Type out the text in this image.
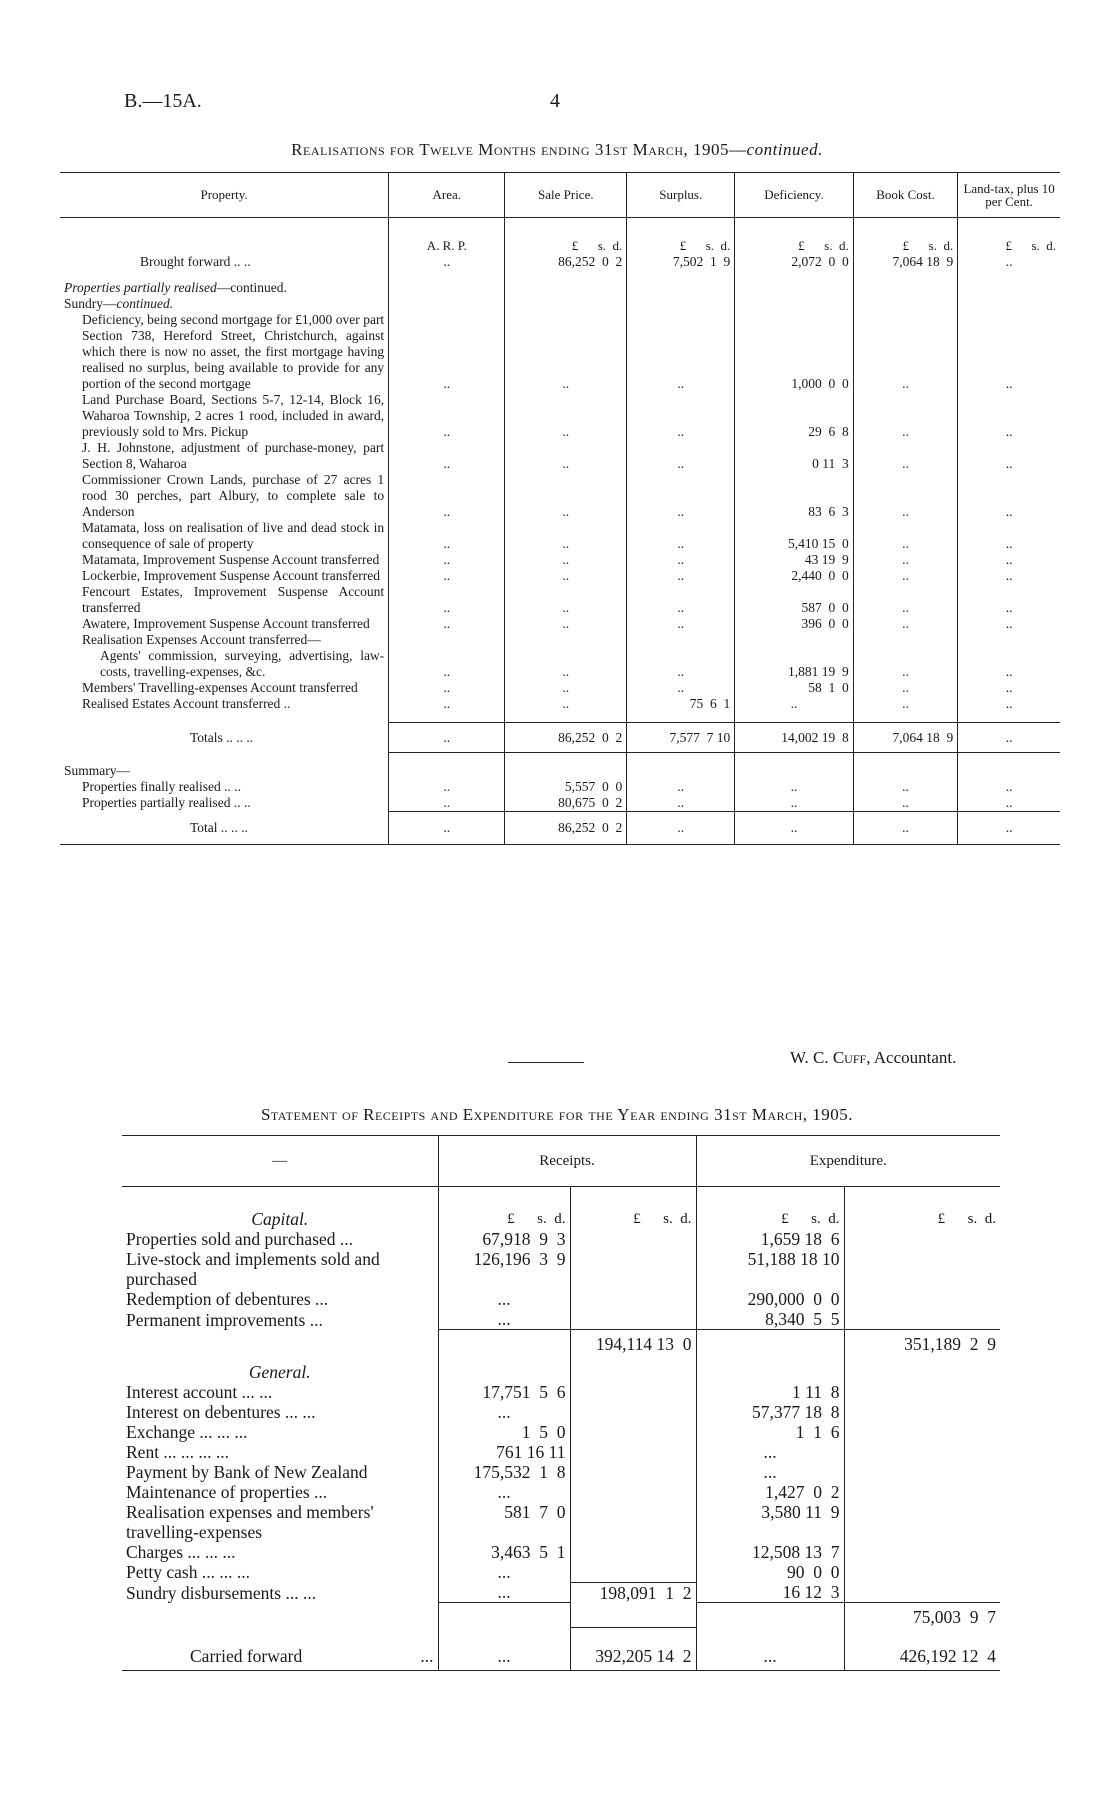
B.—15A.	4
Realisations for Twelve Months ending 31st March, 1905—continued.
Property.	Area.	Sale Price.	Surplus.	Deficiency.	Book Cost.	Land-tax, plus 10 per Cent.
	A. R. P.	£      s.  d.	£      s.  d.	£      s.  d.	£      s.  d.	£      s.  d.
Brought forward .. ..	..	86,252  0  2	7,502  1  9	2,072  0  0	7,064 18  9	..

Properties partially realised—continued.						
Sundry—continued.						
Deficiency, being second mortgage for £1,000 over part Section 738, Hereford Street, Christchurch, against which there is now no asset, the first mortgage having realised no surplus, being available to provide for any portion of the second mortgage	..	..	..	1,000  0  0	..	..
Land Purchase Board, Sections 5-7, 12-14, Block 16, Waharoa Township, 2 acres 1 rood, included in award, previously sold to Mrs. Pickup	..	..	..	29  6  8	..	..
J. H. Johnstone, adjustment of purchase-money, part Section 8, Waharoa	..	..	..	0 11  3	..	..
Commissioner Crown Lands, purchase of 27 acres 1 rood 30 perches, part Albury, to complete sale to Anderson	..	..	..	83  6  3	..	..
Matamata, loss on realisation of live and dead stock in consequence of sale of property	..	..	..	5,410 15  0	..	..
Matamata, Improvement Suspense Account transferred	..	..	..	43 19  9	..	..
Lockerbie, Improvement Suspense Account transferred	..	..	..	2,440  0  0	..	..
Fencourt Estates, Improvement Suspense Account transferred	..	..	..	587  0  0	..	..
Awatere, Improvement Suspense Account transferred	..	..	..	396  0  0	..	..
Realisation Expenses Account transferred—						
Agents' commission, surveying, advertising, law-costs, travelling-expenses, &c.	..	..	..	1,881 19  9	..	..
Members' Travelling-expenses Account transferred	..	..	..	58  1  0	..	..
Realised Estates Account transferred ..	..	..	75  6  1	..	..	..

Totals .. .. ..	..	86,252  0  2	7,577  7 10	14,002 19  8	7,064 18  9	..

Summary—						
Properties finally realised .. ..	..	5,557  0  0	..	..	..	..
Properties partially realised .. ..	..	80,675  0  2	..	..	..	..
Total .. .. ..	..	86,252  0  2	..	..	..	..
W. C. Cuff, Accountant.
Statement of Receipts and Expenditure for the Year ending 31st March, 1905.
—	Receipts.		Expenditure.	
Capital.	£      s.  d.	£      s.  d.	£      s.  d.	£      s.  d.
Properties sold and purchased ...	67,918  9  3		1,659 18  6	
Live-stock and implements sold and purchased	126,196  3  9		51,188 18 10	
Redemption of debentures ...	...		290,000  0  0	
Permanent improvements ...	...		8,340  5  5	
		194,114 13  0		351,189  2  9
General.				
Interest account ... ...	17,751  5  6		1 11  8	
Interest on debentures ... ...	...		57,377 18  8	
Exchange ... ... ...	1  5  0		1  1  6	
Rent ... ... ... ...	761 16 11		...	
Payment by Bank of New Zealand	175,532  1  8		...	
Maintenance of properties ...	...		1,427  0  2	
Realisation expenses and members' travelling-expenses	581  7  0		3,580 11  9	
Charges ... ... ...	3,463  5  1		12,508 13  7	
Petty cash ... ... ...	...		90  0  0	
Sundry disbursements ... ...	...	198,091  1  2	16 12  3	
				75,003  9  7
Carried forward ...	...	392,205 14  2	...	426,192 12  4
